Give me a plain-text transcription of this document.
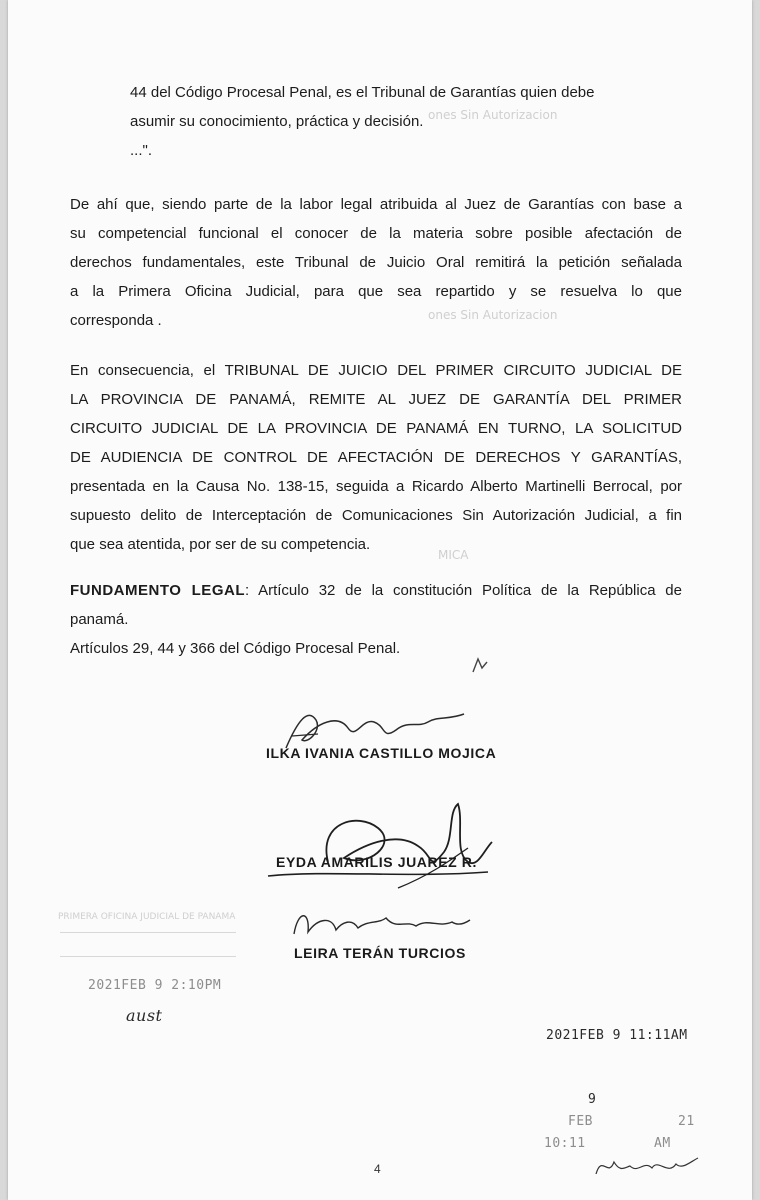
ones Sin Autorizacion
ones Sin Autorizacion
PRIMERA OFICINA JUDICIAL DE PANAMA
MICA
44 del Código Procesal Penal, es el Tribunal de Garantías quien debe
asumir su conocimiento, práctica y decisión.
...".
De ahí que, siendo parte de la labor legal atribuida al Juez de Garantías con base a
su competencial funcional el conocer de la materia sobre posible afectación de
derechos fundamentales, este Tribunal de Juicio Oral remitirá la petición señalada
a la Primera Oficina Judicial, para que sea repartido y se resuelva lo que
corresponda .
En consecuencia, el TRIBUNAL DE JUICIO DEL PRIMER CIRCUITO JUDICIAL DE
LA PROVINCIA DE PANAMÁ, REMITE AL JUEZ DE GARANTÍA DEL PRIMER
CIRCUITO JUDICIAL DE LA PROVINCIA DE PANAMÁ EN TURNO, LA SOLICITUD
DE AUDIENCIA DE CONTROL DE AFECTACIÓN DE DERECHOS Y GARANTÍAS,
presentada en la Causa No. 138-15, seguida a Ricardo Alberto Martinelli Berrocal, por
supuesto delito de Interceptación de Comunicaciones Sin Autorización Judicial, a fin
que sea atentida, por ser de su competencia.
FUNDAMENTO LEGAL: Artículo 32 de la constitución Política de la República de
panamá.
Artículos 29, 44 y 366 del Código Procesal Penal.
ILKA IVANIA CASTILLO MOJICA
EYDA AMARILIS JUAREZ R.
LEIRA TERÁN TURCIOS
2021FEB 9 2:10PM
aust
2021FEB 9 11:11AM
9
FEB	21
10:11	AM
4
